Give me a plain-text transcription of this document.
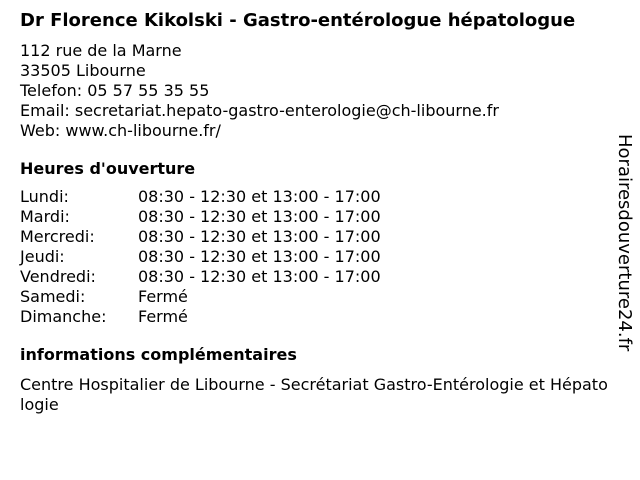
Dr Florence Kikolski - Gastro-entérologue hépatologue
112 rue de la Marne
33505 Libourne
Telefon: 05 57 55 35 55
Email: secretariat.hepato-gastro-enterologie@ch-libourne.fr
Web: www.ch-libourne.fr/
Heures d'ouverture
Lundi:	08:30 - 12:30 et 13:00 - 17:00
Mardi:	08:30 - 12:30 et 13:00 - 17:00
Mercredi:	08:30 - 12:30 et 13:00 - 17:00
Jeudi:	08:30 - 12:30 et 13:00 - 17:00
Vendredi:	08:30 - 12:30 et 13:00 - 17:00
Samedi:	Fermé
Dimanche:	Fermé
informations complémentaires
Centre Hospitalier de Libourne - Secrétariat Gastro-Entérologie et Hépatologie
Horairesdouverture24.fr
